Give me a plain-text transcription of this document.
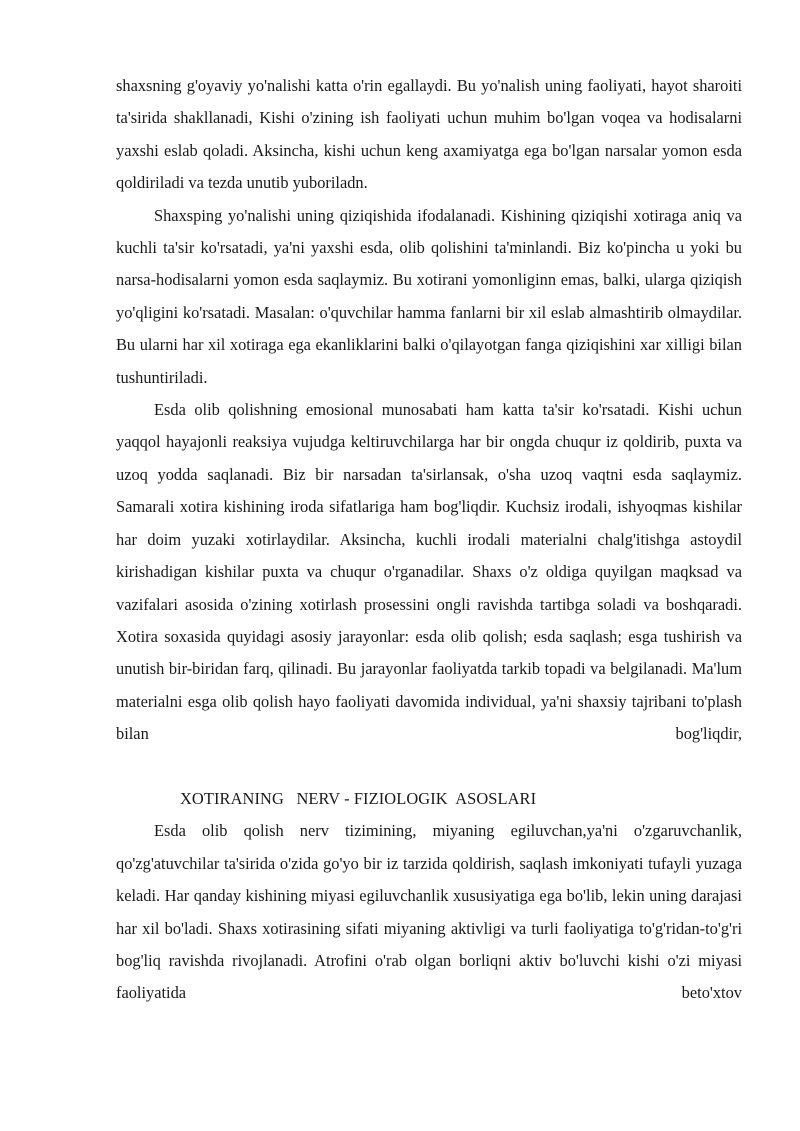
shaxsning g'oyaviy yo'nalishi katta o'rin egallaydi. Bu yo'nalish uning faoliyati, hayot sharoiti ta'sirida shakllanadi, Kishi o'zining ish faoliyati uchun muhim bo'lgan voqea va hodisalarni yaxshi eslab qoladi. Aksincha, kishi uchun keng axamiyatga ega bo'lgan narsalar yomon esda qoldiriladi va tezda unutib yuboriladn.

Shaxsping yo'nalishi uning qiziqishida ifodalanadi. Kishining qiziqishi xotiraga aniq va kuchli ta'sir ko'rsatadi, ya'ni yaxshi esda, olib qolishini ta'minlandi. Biz ko'pincha u yoki bu narsa-hodisalarni yomon esda saqlaymiz. Bu xotirani yomonliginn emas, balki, ularga qiziqish yo'qligini ko'rsatadi. Masalan: o'quvchilar hamma fanlarni bir xil eslab almashtirib olmaydilar. Bu ularni har xil xotiraga ega ekanliklarini balki o'qilayotgan fanga qiziqishini xar xilligi bilan tushuntiriladi.

Esda olib qolishning emosional munosabati ham katta ta'sir ko'rsatadi. Kishi uchun yaqqol hayajonli reaksiya vujudga keltiruvchilarga har bir ongda chuqur iz qoldirib, puxta va uzoq yodda saqlanadi. Biz bir narsadan ta'sirlansak, o'sha uzoq vaqtni esda saqlaymiz. Samarali xotira kishining iroda sifatlariga ham bog'liqdir. Kuchsiz irodali, ishyoqmas kishilar har doim yuzaki xotirlaydilar. Aksincha, kuchli irodali materialni chalg'itishga astoydil kirishadigan kishilar puxta va chuqur o'rganadilar. Shaxs o'z oldiga quyilgan maqksad va vazifalari asosida o'zining xotirlash prosessini ongli ravishda tartibga soladi va boshqaradi. Xotira soxasida quyidagi asosiy jarayonlar: esda olib qolish; esda saqlash; esga tushirish va unutish bir-biridan farq, qilinadi. Bu jarayonlar faoliyatda tarkib topadi va belgilanadi. Ma'lum materialni esga olib qolish hayo faoliyati davomida individual, ya'ni shaxsiy tajribani to'plash bilan bog'liqdir,

XOTIRANING   NERV - FIZIOLOGIK  ASOSLARI

Esda olib qolish nerv tizimining, miyaning egiluvchan,ya'ni o'zgaruvchanlik, qo'zg'atuvchilar ta'sirida o'zida go'yo bir iz tarzida qoldirish, saqlash imkoniyati tufayli yuzaga keladi. Har qanday kishining miyasi egiluvchanlik xususiyatiga ega bo'lib, lekin uning darajasi har xil bo'ladi. Shaxs xotirasining sifati miyaning aktivligi va turli faoliyatiga to'g'ridan-to'g'ri bog'liq ravishda rivojlanadi. Atrofini o'rab olgan borliqni aktiv bo'luvchi kishi o'zi miyasi faoliyatida beto'xtov
